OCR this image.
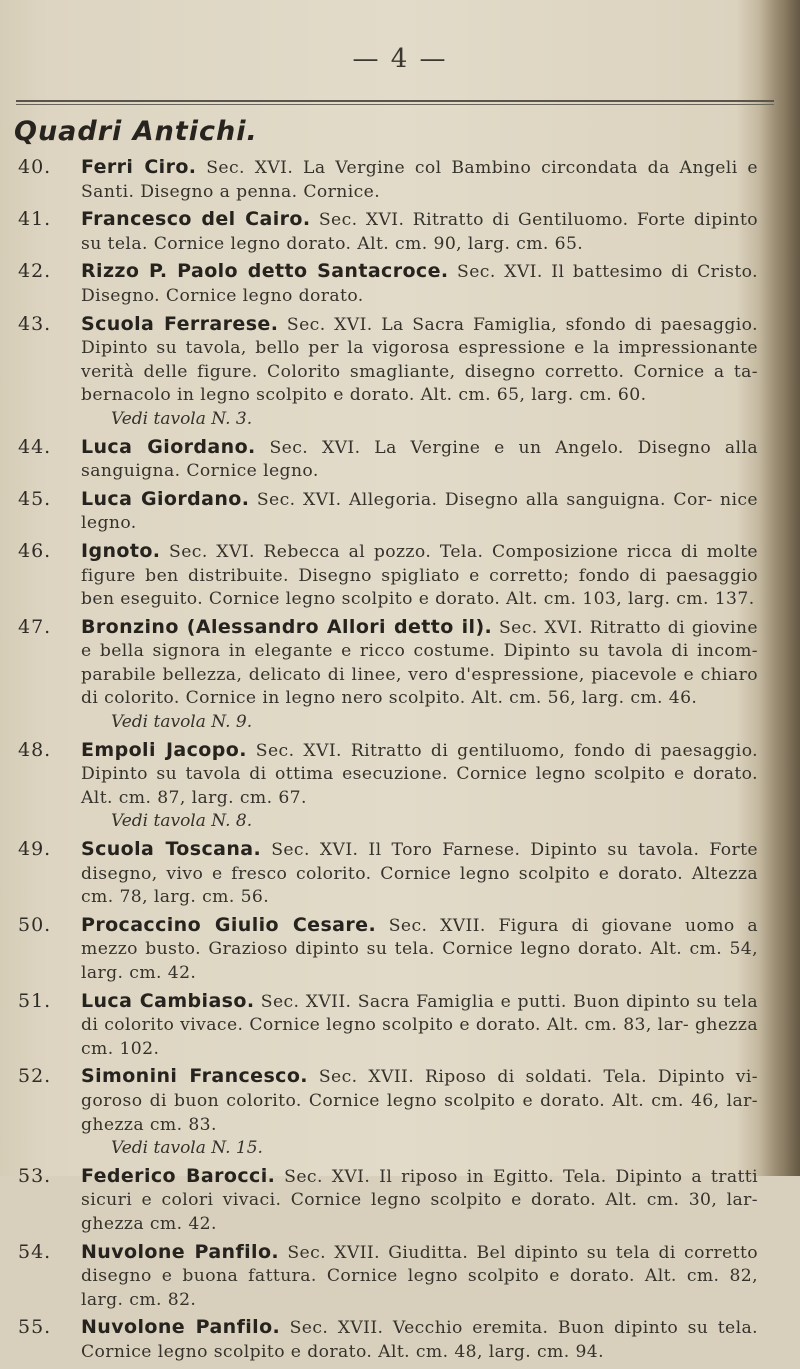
— 4 —
Quadri Antichi.
40. Ferri Ciro. Sec. XVI. La Vergine col Bambino circondata da Angeli e Santi. Disegno a penna. Cornice.
41. Francesco del Cairo. Sec. XVI. Ritratto di Gentiluomo. Forte dipinto su tela. Cornice legno dorato. Alt. cm. 90, larg. cm. 65.
42. Rizzo P. Paolo detto Santacroce. Sec. XVI. Il battesimo di Cristo. Disegno. Cornice legno dorato.
43. Scuola Ferrarese. Sec. XVI. La Sacra Famiglia, sfondo di paesaggio. Dipinto su tavola, bello per la vigorosa espressione e la impressionante verità delle figure. Colorito smagliante, disegno corretto. Cornice a ta- bernacolo in legno scolpito e dorato. Alt. cm. 65, larg. cm. 60.
Vedi tavola N. 3.
44. Luca Giordano. Sec. XVI. La Vergine e un Angelo. Disegno alla sanguigna. Cornice legno.
45. Luca Giordano. Sec. XVI. Allegoria. Disegno alla sanguigna. Cor- nice legno.
46. Ignoto. Sec. XVI. Rebecca al pozzo. Tela. Composizione ricca di molte figure ben distribuite. Disegno spigliato e corretto; fondo di paesaggio ben eseguito. Cornice legno scolpito e dorato. Alt. cm. 103, larg. cm. 137.
47. Bronzino (Alessandro Allori detto il). Sec. XVI. Ritratto di giovine e bella signora in elegante e ricco costume. Dipinto su tavola di incom- parabile bellezza, delicato di linee, vero d'espressione, piacevole e chiaro di colorito. Cornice in legno nero scolpito. Alt. cm. 56, larg. cm. 46.
Vedi tavola N. 9.
48. Empoli Jacopo. Sec. XVI. Ritratto di gentiluomo, fondo di paesaggio. Dipinto su tavola di ottima esecuzione. Cornice legno scolpito e dorato. Alt. cm. 87, larg. cm. 67.
Vedi tavola N. 8.
49. Scuola Toscana. Sec. XVI. Il Toro Farnese. Dipinto su tavola. Forte disegno, vivo e fresco colorito. Cornice legno scolpito e dorato. Altezza cm. 78, larg. cm. 56.
50. Procaccino Giulio Cesare. Sec. XVII. Figura di giovane uomo a mezzo busto. Grazioso dipinto su tela. Cornice legno dorato. Alt. cm. 54, larg. cm. 42.
51. Luca Cambiaso. Sec. XVII. Sacra Famiglia e putti. Buon dipinto su tela di colorito vivace. Cornice legno scolpito e dorato. Alt. cm. 83, lar- ghezza cm. 102.
52. Simonini Francesco. Sec. XVII. Riposo di soldati. Tela. Dipinto vi- goroso di buon colorito. Cornice legno scolpito e dorato. Alt. cm. 46, lar- ghezza cm. 83.
Vedi tavola N. 15.
53. Federico Barocci. Sec. XVI. Il riposo in Egitto. Tela. Dipinto a tratti sicuri e colori vivaci. Cornice legno scolpito e dorato. Alt. cm. 30, lar- ghezza cm. 42.
54. Nuvolone Panfilo. Sec. XVII. Giuditta. Bel dipinto su tela di corretto disegno e buona fattura. Cornice legno scolpito e dorato. Alt. cm. 82, larg. cm. 82.
55. Nuvolone Panfilo. Sec. XVII. Vecchio eremita. Buon dipinto su tela. Cornice legno scolpito e dorato. Alt. cm. 48, larg. cm. 94.
